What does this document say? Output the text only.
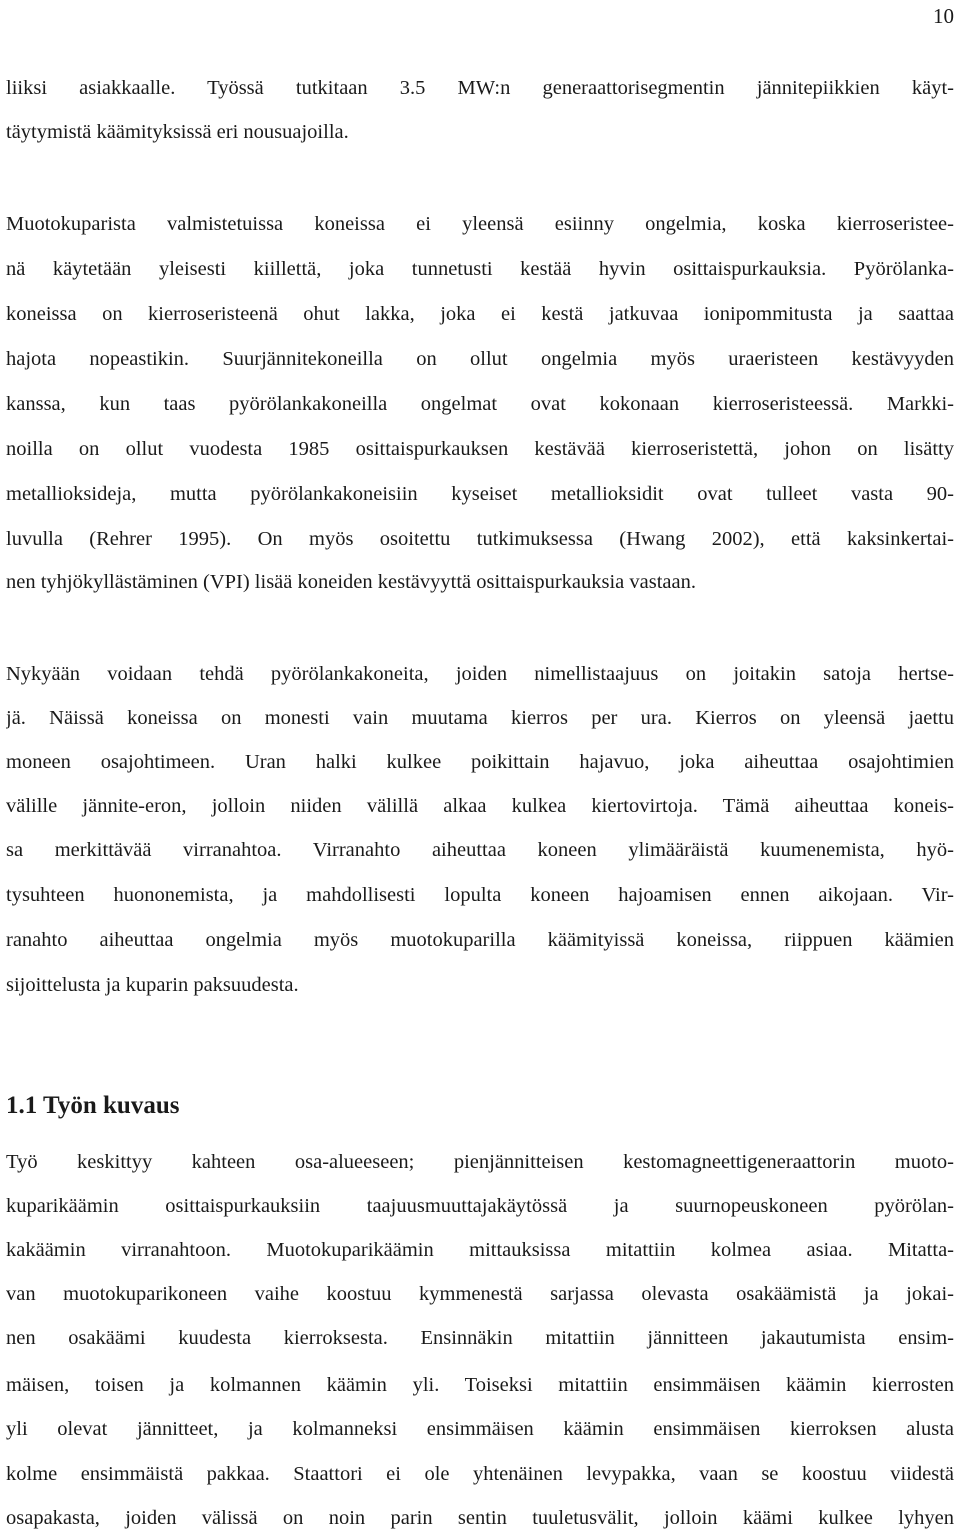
10
liiksi asiakkaalle. Työssä tutkitaan 3.5 MW:n generaattorisegmentin jännitepiikkien käyt-
täytymistä käämityksissä eri nousuajoilla.
Muotokuparista valmistetuissa koneissa ei yleensä esiinny ongelmia, koska kierroseristee-
nä käytetään yleisesti kiillettä, joka tunnetusti kestää hyvin osittaispurkauksia. Pyörölanka-
koneissa on kierroseristeenä ohut lakka, joka ei kestä jatkuvaa ionipommitusta ja saattaa
hajota nopeastikin. Suurjännitekoneilla on ollut ongelmia myös uraeristeen kestävyyden
kanssa, kun taas pyörölankakoneilla ongelmat ovat kokonaan kierroseristeessä. Markki-
noilla on ollut vuodesta 1985 osittaispurkauksen kestävää kierroseristettä, johon on lisätty
metallioksideja, mutta pyörölankakoneisiin kyseiset metallioksidit ovat tulleet vasta 90-
luvulla (Rehrer 1995). On myös osoitettu tutkimuksessa (Hwang 2002), että kaksinkertai-
nen tyhjökyllästäminen (VPI) lisää koneiden kestävyyttä osittaispurkauksia vastaan.
Nykyään voidaan tehdä pyörölankakoneita, joiden nimellistaajuus on joitakin satoja hertse-
jä. Näissä koneissa on monesti vain muutama kierros per ura. Kierros on yleensä jaettu
moneen osajohtimeen. Uran halki kulkee poikittain hajavuo, joka aiheuttaa osajohtimien
välille jännite-eron, jolloin niiden välillä alkaa kulkea kiertovirtoja. Tämä aiheuttaa koneis-
sa merkittävää virranahtoa. Virranahto aiheuttaa koneen ylimääräistä kuumenemista, hyö-
tysuhteen huononemista, ja mahdollisesti lopulta koneen hajoamisen ennen aikojaan. Vir-
ranahto aiheuttaa ongelmia myös muotokuparilla käämityissä koneissa, riippuen käämien
sijoittelusta ja kuparin paksuudesta.
1.1 Työn kuvaus
Työ keskittyy kahteen osa-alueeseen; pienjännitteisen kestomagneettigeneraattorin muoto-
kuparikäämin osittaispurkauksiin taajuusmuuttajakäytössä ja suurnopeuskoneen pyörölan-
kakäämin virranahtoon. Muotokuparikäämin mittauksissa mitattiin kolmea asiaa. Mitatta-
van muotokuparikoneen vaihe koostuu kymmenestä sarjassa olevasta osakäämistä ja jokai-
nen osakäämi kuudesta kierroksesta. Ensinnäkin mitattiin jännitteen jakautumista ensim-
mäisen, toisen ja kolmannen käämin yli. Toiseksi mitattiin ensimmäisen käämin kierrosten
yli olevat jännitteet, ja kolmanneksi ensimmäisen käämin ensimmäisen kierroksen alusta
kolme ensimmäistä pakkaa. Staattori ei ole yhtenäinen levypakka, vaan se koostuu viidestä
osapakasta, joiden välissä on noin parin sentin tuuletusvälit, jolloin käämi kulkee lyhyen
